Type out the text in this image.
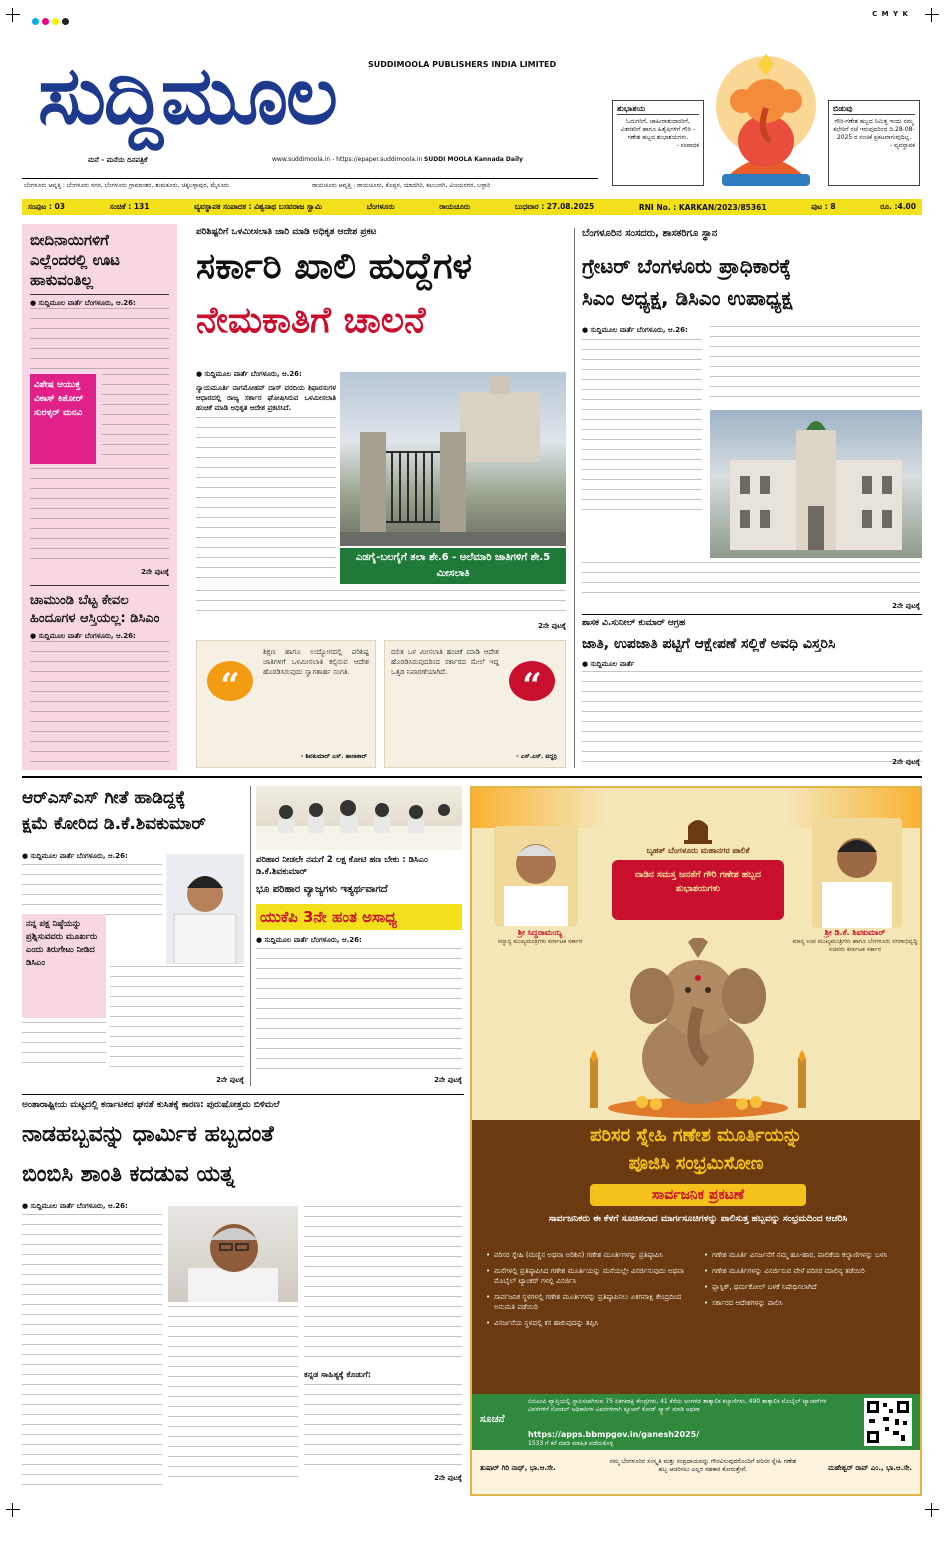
C M Y K
ಸುದ್ದಿಮೂಲ	SUDDIMOOLA PUBLISHERS INDIA LIMITED
ಮನೆ - ಮನೆಯ ದಿನಪತ್ರಿಕೆ	www.suddimoola.in - https://epaper.suddimoola.in SUDDI MOOLA Kannada Daily
ಶುಭಾಶಯ
ಓದುಗರಿಗೆ, ಜಾಹೀರಾತುದಾರರಿಗೆ, ವಿತರಕರಿಗೆ ಹಾಗೂ ಹಿತೈಷಿಗಳಿಗೆ ಗೌರಿ - ಗಣೇಶ ಹಬ್ಬದ ಶುಭಾಶಯಗಳು.
- ಸಂಪಾದಕ
ಬಿಡುವು
ಗೌರಿ-ಗಣೇಶ ಹಬ್ಬದ ನಿಮಿತ್ತ ಇಂದು ನಮ್ಮ ಕಛೇರಿಗೆ ರಜೆ ಇರುವುದರಿಂದ ದಿ.28-08-2025 ರ ಸಂಚಿಕೆ ಪ್ರಕಟವಾಗುವುದಿಲ್ಲ.
- ವ್ಯವಸ್ಥಾಪಕ
ಬೆಂಗಳೂರು ಆವೃತ್ತಿ : ಬೆಂಗಳೂರು ನಗರ, ಬೆಂಗಳೂರು ಗ್ರಾಮಾಂತರ, ತುಮಕೂರು, ಚಿಕ್ಕಬಳ್ಳಾಪುರ, ಮೈಸೂರು	ರಾಯಚೂರು ಆವೃತ್ತಿ : ರಾಯಚೂರು, ಕೊಪ್ಪಳ, ಯಾದಗಿರಿ, ಕಲಬುರಗಿ, ವಿಜಯನಗರ, ಬಳ್ಳಾರಿ
ಸಂಪುಟ : 03	ಸಂಚಿಕೆ : 131	ವ್ಯವಸ್ಥಾಪಕ ಸಂಪಾದಕ : ವಿಶ್ವನಾಥ ಬಸವರಾಜ ಸ್ವಾಮಿ	ಬೆಂಗಳೂರು	ರಾಯಚೂರು	ಬುಧವಾರ : 27.08.2025	RNI No. : KARKAN/2023/85361	ಪುಟ : 8	ರೂ. :4.00
ಬೀದಿನಾಯಿಗಳಿಗೆ ಎಲ್ಲೆಂದರಲ್ಲಿ ಊಟ ಹಾಕುವಂತಿಲ್ಲ
● ಸುದ್ದಿಮೂಲ ವಾರ್ತೆ ಬೆಂಗಳೂರು, ಆ.26:
ವಿಶೇಷ ಆಯುಕ್ತ ವಿಕಾಸ್ ಕಿಶೋರ್ ಸುರಳ್ಕರ್ ಮನವಿ
2ನೇ ಪುಟಕ್ಕೆ
ಚಾಮುಂಡಿ ಬೆಟ್ಟ ಕೇವಲ ಹಿಂದೂಗಳ ಆಸ್ತಿಯಲ್ಲ: ಡಿಸಿಎಂ
● ಸುದ್ದಿಮೂಲ ವಾರ್ತೆ ಬೆಂಗಳೂರು, ಆ.26:
ಪರಿಶಿಷ್ಟರಿಗೆ ಒಳಮೀಸಲಾತಿ ಜಾರಿ ಮಾಡಿ ಅಧಿಕೃತ ಆದೇಶ ಪ್ರಕಟ
ಸರ್ಕಾರಿ ಖಾಲಿ ಹುದ್ದೆಗಳ
ನೇಮಕಾತಿಗೆ ಚಾಲನೆ
● ಸುದ್ದಿಮೂಲ ವಾರ್ತೆ ಬೆಂಗಳೂರು, ಆ.26:
ನ್ಯಾಯಮೂರ್ತಿ ನಾಗಮೋಹನ್ ದಾಸ್ ವರದಿಯ ಶಿಫಾರಸುಗಳ ಆಧಾರದಲ್ಲಿ ರಾಜ್ಯ ಸರ್ಕಾರ ಘೋಷಿಸಿರುವ ಒಳಮೀಸಲಾತಿ ಹಂಚಿಕೆ ಮಾಡಿ ಅಧಿಕೃತ ಆದೇಶ ಪ್ರಕಟಿಸಿದೆ.
ಎಡಗೈ-ಬಲಗೈಗೆ ತಲಾ ಶೇ.6 - ಅಲೆಮಾರಿ ಜಾತಿಗಳಿಗೆ ಶೇ.5 ಮೀಸಲಾತಿ
2ನೇ ಪುಟಕ್ಕೆ
“
ಶಿಕ್ಷಣ ಹಾಗೂ ಉದ್ಯೋಗದಲ್ಲಿ ಪರಿಶಿಷ್ಟ ಜಾತಿಗಳಿಗೆ ಒಳಮೀಸಲಾತಿ ಕಲ್ಪಿಸುವ ಆದೇಶ ಹೊರಡಿಸಿರುವುದು ಸ್ವಾಗತಾರ್ಹ ಸಂಗತಿ.
- ಶಿವಕುಮಾರ್ ಎಸ್. ಹಾಸಾಕಾರ್
ದಲಿತ ಒಳ ಮೀಸಲಾತಿ ಹಂಚಿಕೆ ಮಾಡಿ ಆದೇಶ ಹೊರಡಿಸಿರುವುದರಿಂದ ಸರ್ಕಾರದ ಮೇಲೆ ಇದ್ದ ಒತ್ತಡ ನಿವಾರಣೆಯಾಗಿದೆ.	“
- ಎಸ್.ಎಸ್. ಪದ್ಧರ್ರಿ
ಬೆಂಗಳೂರಿನ ಸಂಸದರು, ಶಾಸಕರಿಗೂ ಸ್ಥಾನ
ಗ್ರೇಟರ್ ಬೆಂಗಳೂರು ಪ್ರಾಧಿಕಾರಕ್ಕೆ
ಸಿಎಂ ಅಧ್ಯಕ್ಷ, ಡಿಸಿಎಂ ಉಪಾಧ್ಯಕ್ಷ
● ಸುದ್ದಿಮೂಲ ವಾರ್ತೆ ಬೆಂಗಳೂರು, ಆ.26:
2ನೇ ಪುಟಕ್ಕೆ
ಶಾಸಕ ವಿ.ಸುನೀಲ್ ಕುಮಾರ್ ಆಗ್ರಹ
ಜಾತಿ, ಉಪಜಾತಿ ಪಟ್ಟಿಗೆ ಆಕ್ಷೇಪಣೆ ಸಲ್ಲಿಕೆ ಅವಧಿ ವಿಸ್ತರಿಸಿ
● ಸುದ್ದಿಮೂಲ ವಾರ್ತೆ
2ನೇ ಪುಟಕ್ಕೆ
ಆರ್‌ಎಸ್‌ಎಸ್ ಗೀತೆ ಹಾಡಿದ್ದಕ್ಕೆ
ಕ್ಷಮೆ ಕೋರಿದ ಡಿ.ಕೆ.ಶಿವಕುಮಾರ್
● ಸುದ್ದಿಮೂಲ ವಾರ್ತೆ ಬೆಂಗಳೂರು, ಆ.26:
ನನ್ನ ಪಕ್ಷ ನಿಷ್ಠೆಯನ್ನು ಪ್ರಶ್ನಿಸುವವರು ಮೂರ್ಖರು ಎಂದು ತಿರುಗೇಟು ನೀಡಿದ ಡಿಸಿಎಂ
2ನೇ ಪುಟಕ್ಕೆ
ಪರಿಹಾರ ನೀಡಲೇ ನಮಗೆ 2 ಲಕ್ಷ ಕೋಟಿ ಹಣ ಬೇಕು : ಡಿಸಿಎಂ ಡಿ.ಕೆ.ಶಿವಕುಮಾರ್
ಭೂ ಪರಿಹಾರ ವ್ಯಾಜ್ಯಗಳು ಇತ್ಯರ್ಥವಾಗದೆ
ಯುಕೆಪಿ 3ನೇ ಹಂತ ಅಸಾಧ್ಯ
● ಸುದ್ದಿಮೂಲ ವಾರ್ತೆ ಬೆಂಗಳೂರು, ಆ.26:
2ನೇ ಪುಟಕ್ಕೆ
ಬೃಹತ್ ಬೆಂಗಳೂರು ಮಹಾನಗರ ಪಾಲಿಕೆ
ನಾಡಿನ ಸಮಸ್ತ ಜನತೆಗೆ ಗೌರಿ ಗಣೇಶ ಹಬ್ಬದ ಶುಭಾಶಯಗಳು
ಶ್ರೀ ಸಿದ್ದರಾಮಯ್ಯ
ಸನ್ಮಾನ್ಯ ಮುಖ್ಯಮಂತ್ರಿಗಳು ಕರ್ನಾಟಕ ಸರ್ಕಾರ
ಶ್ರೀ ಡಿ.ಕೆ. ಶಿವಕುಮಾರ್
ಮಾನ್ಯ ಉಪ ಮುಖ್ಯಮಂತ್ರಿಗಳು ಹಾಗೂ ಬೆಂಗಳೂರು ನಗರಾಭಿವೃದ್ಧಿ ಸಚಿವರು ಕರ್ನಾಟಕ ಸರ್ಕಾರ
ಪರಿಸರ ಸ್ನೇಹಿ ಗಣೇಶ ಮೂರ್ತಿಯನ್ನು
ಪೂಜಿಸಿ ಸಂಭ್ರಮಿಸೋಣ
ಸಾರ್ವಜನಿಕ ಪ್ರಕಟಣೆ
ಸಾರ್ವಜನಿಕರು ಈ ಕೆಳಗೆ ಸೂಚಿಸಲಾದ ಮಾರ್ಗಸೂಚಿಗಳನ್ನು ಪಾಲಿಸುತ್ತ ಹಬ್ಬವನ್ನು ಸಂಭ್ರಮದಿಂದ ಆಚರಿಸಿ
• ಪರಿಸರ ಸ್ನೇಹಿ (ಮಣ್ಣಿನ ಅಥವಾ ಅರಿಶಿನ) ಗಣೇಶ ಮೂರ್ತಿಗಳನ್ನು ಪ್ರತಿಷ್ಠಾಪಿಸಿ
• ಮನೆಗಳಲ್ಲಿ ಪ್ರತಿಷ್ಠಾಪಿಸಿದ ಗಣೇಶ ಮೂರ್ತಿಯನ್ನು ಮನೆಯಲ್ಲೇ ವಿಸರ್ಜಿಸುವುದು ಅಥವಾ ಮೊಬೈಲ್ ಟ್ಯಾಂಕರ್ ಗಳಲ್ಲಿ ವಿಸರ್ಜಿಸಿ
• ಸಾರ್ವಜನಿಕ ಸ್ಥಳಗಳಲ್ಲಿ ಗಣೇಶ ಮೂರ್ತಿಗಳನ್ನು ಪ್ರತಿಷ್ಠಾಪಿಸಲು ಏಕಗವಾಕ್ಷಿ ಕೇಂದ್ರದಿಂದ ಅನುಮತಿ ಪಡೆಯಿರಿ
• ವಿಸರ್ಜನೆಯ ಸ್ಥಳದಲ್ಲಿ ಕಸ ಹಾಕುವುದನ್ನು ತಪ್ಪಿಸಿ
• ಗಣೇಶ ಮೂರ್ತಿ ವಿಸರ್ಜನೆಗೆ ನಮ್ಮ ಹೂ-ಹಾರ, ಪಾಲಿಕೆಯ ಕಲ್ಯಾಣಿಗಳನ್ನು ಬಳಸಿ
• ಗಣೇಶ ಮೂರ್ತಿಗಳನ್ನು ವಿಸರ್ಜಿಸುವ ವೇಳೆ ಪರಿಸರ ಮಾಲಿನ್ಯ ತಡೆಯಿರಿ
• ಪ್ಲಾಸ್ಟಿಕ್, ಥರ್ಮಕೋಲ್ ಬಳಕೆ ನಿಷೇಧಿಸಲಾಗಿದೆ
• ಸರ್ಕಾರದ ಆದೇಶಗಳನ್ನು ಪಾಲಿಸಿ
ಸೂಚನೆ
ಬಿಬಿಎಂಪಿ ವ್ಯಾಪ್ತಿಯಲ್ಲಿ ಸ್ಥಾಪಿಸಲಾಗಿರುವ 75 ಏಕಗವಾಕ್ಷಿ ಕೇಂದ್ರಗಳು, 41 ಕೆರೆಯ ಅಂಗಳದ ತಾತ್ಕಾಲಿಕ ಕಲ್ಯಾಣಿಗಳು, 490 ತಾತ್ಕಾಲಿಕ ಮೊಬೈಲ್ ಟ್ಯಾಂಕರ್‌ಗಳ ವಿವರಗಳಿಗೆ ನೋಡಲ್ ಅಧಿಕಾರಿಗಳ ವಿವರಗಳಿಗಾಗಿ ಕ್ಯೂಆರ್ ಕೋಡ್ ಸ್ಕ್ಯಾನ್ ಮಾಡಿ ಅಥವಾ
https://apps.bbmpgov.in/ganesh2025/
1533 ಗೆ ಕರೆ ಮಾಡಿ ಮಾಹಿತಿ ಪಡೆದುಕೊಳ್ಳಿ
ತುಷಾರ್ ಗಿರಿ ನಾಥ್, ಭಾ.ಆ.ಸೇ.
ನಮ್ಮ ಬೆಂಗಳೂರಿನ ಸಂಸ್ಕೃತಿ ಮತ್ತು ಸಂಪ್ರದಾಯವನ್ನು ಗೌರವಿಸುವುದರೊಂದಿಗೆ ಪರಿಸರ ಸ್ನೇಹಿ ಗಣೇಶ ಹಬ್ಬ ಆಚರಿಸಲು ಎಲ್ಲರ ಸಹಕಾರ ಕೋರುತ್ತೇವೆ.	ಮಹೇಶ್ವರ್ ರಾವ್ ಎಂ., ಭಾ.ಆ.ಸೇ.
ಅಂತಾರಾಷ್ಟ್ರೀಯ ಮಟ್ಟದಲ್ಲಿ ಕರ್ನಾಟಕದ ಘನತೆ ಕುಸಿತಕ್ಕೆ ಕಾರಣ: ಪುರುಷೋತ್ತಮ ಬಿಳಿಮಲೆ
ನಾಡಹಬ್ಬವನ್ನು ಧಾರ್ಮಿಕ ಹಬ್ಬದಂತೆ
ಬಿಂಬಿಸಿ ಶಾಂತಿ ಕದಡುವ ಯತ್ನ
● ಸುದ್ದಿಮೂಲ ವಾರ್ತೆ ಬೆಂಗಳೂರು, ಆ.26:
ಕನ್ನಡ ಸಾಹಿತ್ಯಕ್ಕೆ ಕೊಡುಗೆ:
2ನೇ ಪುಟಕ್ಕೆ
